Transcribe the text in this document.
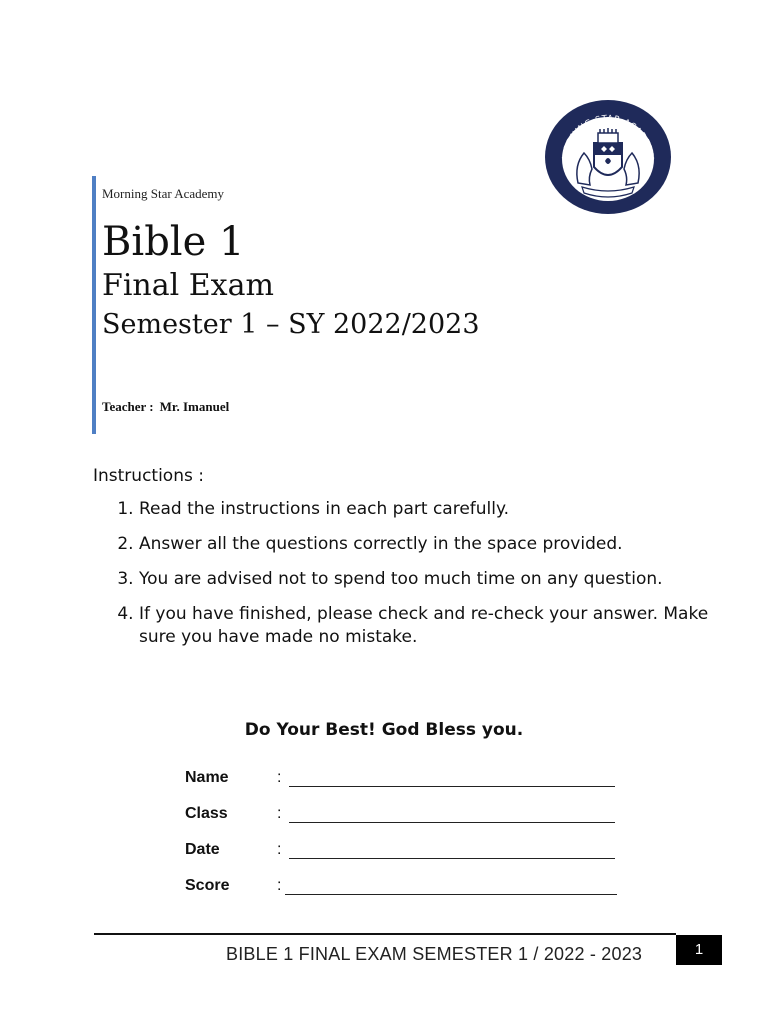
Morning Star Academy

Bible 1

Final Exam

Semester 1 – SY 2022/2023

Teacher : Mr. Imanuel
MORNING STAR ACADEMY

Instructions :

1. Read the instructions in each part carefully.
2. Answer all the questions correctly in the space provided.
3. You are advised not to spend too much time on any question.
4. If you have finished, please check and re-check your answer. Make sure you have made no mistake.
Do Your Best! God Bless you.
Name	:
Class	:
Date	:
Score	:
BIBLE 1 FINAL EXAM SEMESTER 1 / 2022 - 2023	1
